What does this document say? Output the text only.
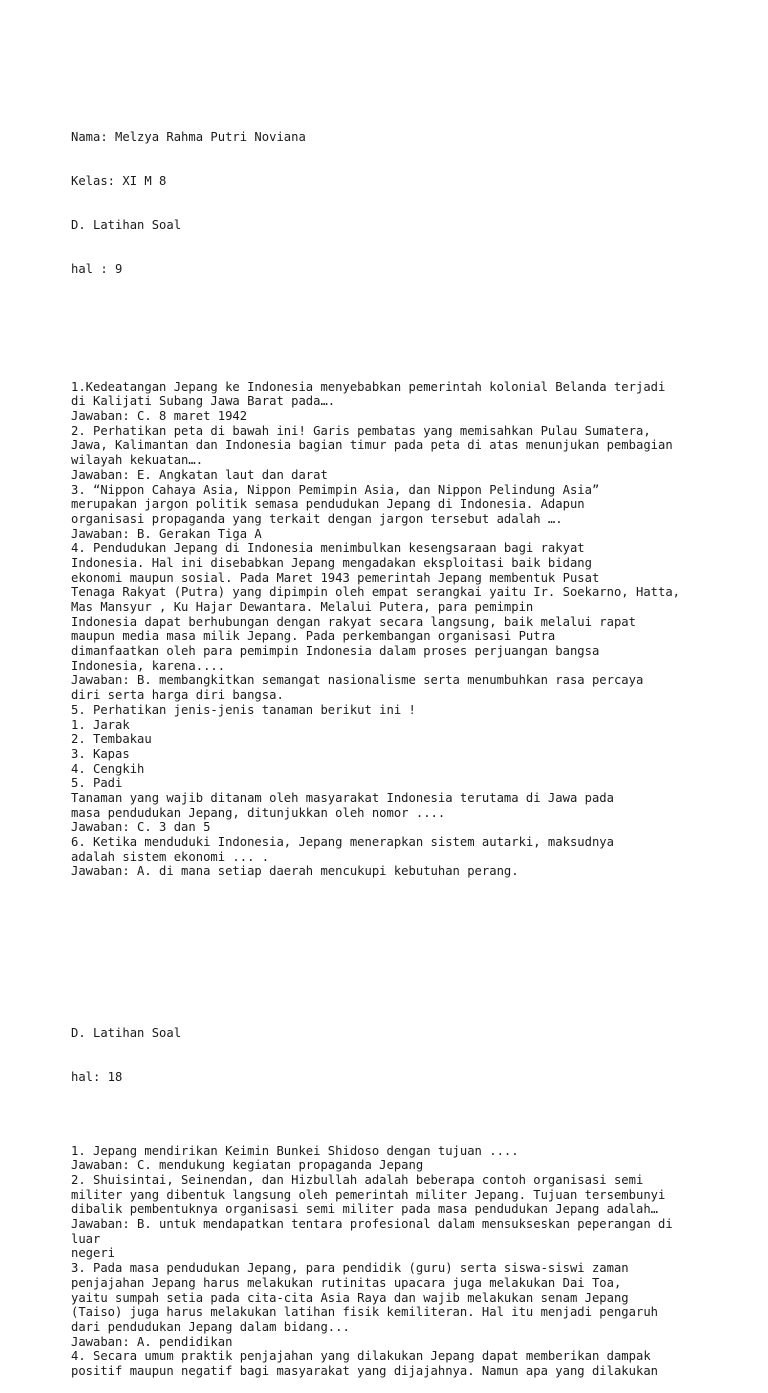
Nama: Melzya Rahma Putri Noviana

Kelas: XI M 8

D. Latihan Soal

hal : 9

1.Kedeatangan Jepang ke Indonesia menyebabkan pemerintah kolonial Belanda terjadi
di Kalijati Subang Jawa Barat pada….
Jawaban: C. 8 maret 1942
2. Perhatikan peta di bawah ini! Garis pembatas yang memisahkan Pulau Sumatera,
Jawa, Kalimantan dan Indonesia bagian timur pada peta di atas menunjukan pembagian
wilayah kekuatan….
Jawaban: E. Angkatan laut dan darat
3. “Nippon Cahaya Asia, Nippon Pemimpin Asia, dan Nippon Pelindung Asia”
merupakan jargon politik semasa pendudukan Jepang di Indonesia. Adapun
organisasi propaganda yang terkait dengan jargon tersebut adalah ….
Jawaban: B. Gerakan Tiga A
4. Pendudukan Jepang di Indonesia menimbulkan kesengsaraan bagi rakyat
Indonesia. Hal ini disebabkan Jepang mengadakan eksploitasi baik bidang
ekonomi maupun sosial. Pada Maret 1943 pemerintah Jepang membentuk Pusat
Tenaga Rakyat (Putra) yang dipimpin oleh empat serangkai yaitu Ir. Soekarno, Hatta,
Mas Mansyur , Ku Hajar Dewantara. Melalui Putera, para pemimpin
Indonesia dapat berhubungan dengan rakyat secara langsung, baik melalui rapat
maupun media masa milik Jepang. Pada perkembangan organisasi Putra
dimanfaatkan oleh para pemimpin Indonesia dalam proses perjuangan bangsa
Indonesia, karena....
Jawaban: B. membangkitkan semangat nasionalisme serta menumbuhkan rasa percaya
diri serta harga diri bangsa.
5. Perhatikan jenis-jenis tanaman berikut ini !
1. Jarak
2. Tembakau
3. Kapas
4. Cengkih
5. Padi
Tanaman yang wajib ditanam oleh masyarakat Indonesia terutama di Jawa pada
masa pendudukan Jepang, ditunjukkan oleh nomor ....
Jawaban: C. 3 dan 5
6. Ketika menduduki Indonesia, Jepang menerapkan sistem autarki, maksudnya
adalah sistem ekonomi ... .
Jawaban: A. di mana setiap daerah mencukupi kebutuhan perang.

D. Latihan Soal

hal: 18

1. Jepang mendirikan Keimin Bunkei Shidoso dengan tujuan ....
Jawaban: C. mendukung kegiatan propaganda Jepang
2. Shuisintai, Seinendan, dan Hizbullah adalah beberapa contoh organisasi semi
militer yang dibentuk langsung oleh pemerintah militer Jepang. Tujuan tersembunyi
dibalik pembentuknya organisasi semi militer pada masa pendudukan Jepang adalah…
Jawaban: B. untuk mendapatkan tentara profesional dalam mensukseskan peperangan di
luar
negeri
3. Pada masa pendudukan Jepang, para pendidik (guru) serta siswa-siswi zaman
penjajahan Jepang harus melakukan rutinitas upacara juga melakukan Dai Toa,
yaitu sumpah setia pada cita-cita Asia Raya dan wajib melakukan senam Jepang
(Taiso) juga harus melakukan latihan fisik kemiliteran. Hal itu menjadi pengaruh
dari pendudukan Jepang dalam bidang...
Jawaban: A. pendidikan
4. Secara umum praktik penjajahan yang dilakukan Jepang dapat memberikan dampak
positif maupun negatif bagi masyarakat yang dijajahnya. Namun apa yang dilakukan
